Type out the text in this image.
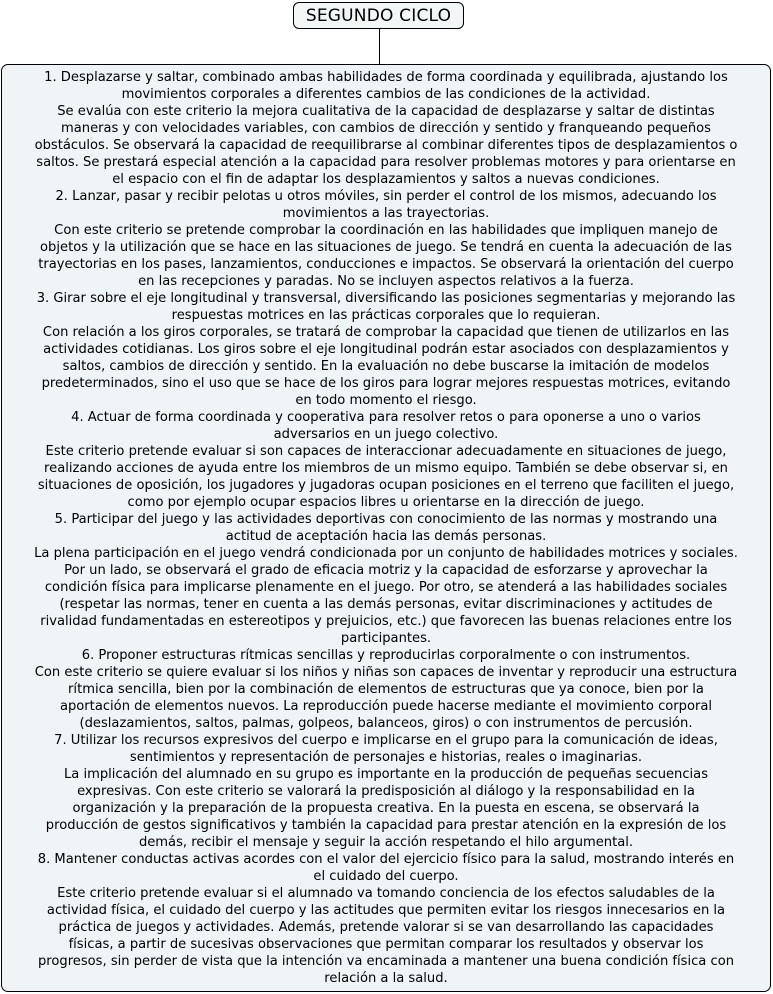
SEGUNDO CICLO
1. Desplazarse y saltar, combinado ambas habilidades de forma coordinada y equilibrada, ajustando los
movimientos corporales a diferentes cambios de las condiciones de la actividad.
Se evalúa con este criterio la mejora cualitativa de la capacidad de desplazarse y saltar de distintas
maneras y con velocidades variables, con cambios de dirección y sentido y franqueando pequeños
obstáculos. Se observará la capacidad de reequilibrarse al combinar diferentes tipos de desplazamientos o
saltos. Se prestará especial atención a la capacidad para resolver problemas motores y para orientarse en
el espacio con el fin de adaptar los desplazamientos y saltos a nuevas condiciones.
2. Lanzar, pasar y recibir pelotas u otros móviles, sin perder el control de los mismos, adecuando los
movimientos a las trayectorias.
Con este criterio se pretende comprobar la coordinación en las habilidades que impliquen manejo de
objetos y la utilización que se hace en las situaciones de juego. Se tendrá en cuenta la adecuación de las
trayectorias en los pases, lanzamientos, conducciones e impactos. Se observará la orientación del cuerpo
en las recepciones y paradas. No se incluyen aspectos relativos a la fuerza.
3. Girar sobre el eje longitudinal y transversal, diversificando las posiciones segmentarias y mejorando las
respuestas motrices en las prácticas corporales que lo requieran.
Con relación a los giros corporales, se tratará de comprobar la capacidad que tienen de utilizarlos en las
actividades cotidianas. Los giros sobre el eje longitudinal podrán estar asociados con desplazamientos y
saltos, cambios de dirección y sentido. En la evaluación no debe buscarse la imitación de modelos
predeterminados, sino el uso que se hace de los giros para lograr mejores respuestas motrices, evitando
en todo momento el riesgo.
4. Actuar de forma coordinada y cooperativa para resolver retos o para oponerse a uno o varios
adversarios en un juego colectivo.
Este criterio pretende evaluar si son capaces de interaccionar adecuadamente en situaciones de juego,
realizando acciones de ayuda entre los miembros de un mismo equipo. También se debe observar si, en
situaciones de oposición, los jugadores y jugadoras ocupan posiciones en el terreno que faciliten el juego,
como por ejemplo ocupar espacios libres u orientarse en la dirección de juego.
5. Participar del juego y las actividades deportivas con conocimiento de las normas y mostrando una
actitud de aceptación hacia las demás personas.
La plena participación en el juego vendrá condicionada por un conjunto de habilidades motrices y sociales.
Por un lado, se observará el grado de eficacia motriz y la capacidad de esforzarse y aprovechar la
condición física para implicarse plenamente en el juego. Por otro, se atenderá a las habilidades sociales
(respetar las normas, tener en cuenta a las demás personas, evitar discriminaciones y actitudes de
rivalidad fundamentadas en estereotipos y prejuicios, etc.) que favorecen las buenas relaciones entre los
participantes.
6. Proponer estructuras rítmicas sencillas y reproducirlas corporalmente o con instrumentos.
Con este criterio se quiere evaluar si los niños y niñas son capaces de inventar y reproducir una estructura
rítmica sencilla, bien por la combinación de elementos de estructuras que ya conoce, bien por la
aportación de elementos nuevos. La reproducción puede hacerse mediante el movimiento corporal
(deslazamientos, saltos, palmas, golpeos, balanceos, giros) o con instrumentos de percusión.
7. Utilizar los recursos expresivos del cuerpo e implicarse en el grupo para la comunicación de ideas,
sentimientos y representación de personajes e historias, reales o imaginarias.
La implicación del alumnado en su grupo es importante en la producción de pequeñas secuencias
expresivas. Con este criterio se valorará la predisposición al diálogo y la responsabilidad en la
organización y la preparación de la propuesta creativa. En la puesta en escena, se observará la
producción de gestos significativos y también la capacidad para prestar atención en la expresión de los
demás, recibir el mensaje y seguir la acción respetando el hilo argumental.
8. Mantener conductas activas acordes con el valor del ejercicio físico para la salud, mostrando interés en
el cuidado del cuerpo.
Este criterio pretende evaluar si el alumnado va tomando conciencia de los efectos saludables de la
actividad física, el cuidado del cuerpo y las actitudes que permiten evitar los riesgos innecesarios en la
práctica de juegos y actividades. Además, pretende valorar si se van desarrollando las capacidades
físicas, a partir de sucesivas observaciones que permitan comparar los resultados y observar los
progresos, sin perder de vista que la intención va encaminada a mantener una buena condición física con
relación a la salud.
